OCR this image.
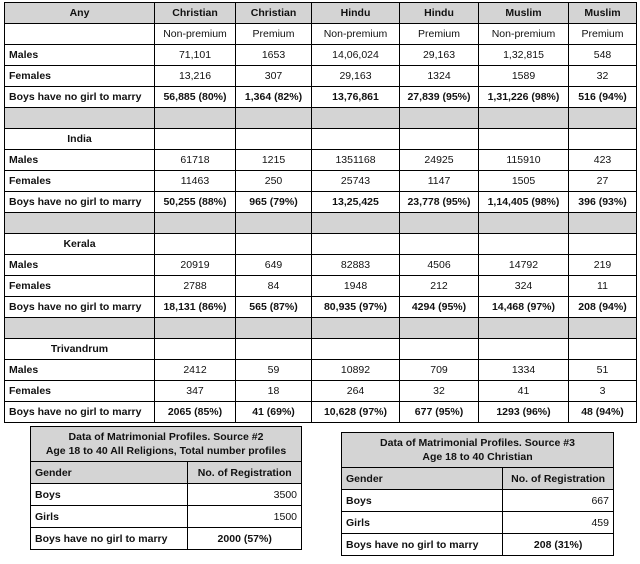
Any	Christian	Christian	Hindu	Hindu	Muslim	Muslim
	Non-premium	Premium	Non-premium	Premium	Non-premium	Premium
Males	71,101	1653	14,06,024	29,163	1,32,815	548
Females	13,216	307	29,163	1324	1589	32
Boys have no girl to marry	56,885 (80%)	1,364 (82%)	13,76,861	27,839 (95%)	1,31,226 (98%)	516 (94%)

India						
Males	61718	1215	1351168	24925	115910	423
Females	11463	250	25743	1147	1505	27
Boys have no girl to marry	50,255 (88%)	965 (79%)	13,25,425	23,778 (95%)	1,14,405 (98%)	396 (93%)

Kerala						
Males	20919	649	82883	4506	14792	219
Females	2788	84	1948	212	324	11
Boys have no girl to marry	18,131 (86%)	565 (87%)	80,935 (97%)	4294 (95%)	14,468 (97%)	208 (94%)

Trivandrum						
Males	2412	59	10892	709	1334	51
Females	347	18	264	32	41	3
Boys have no girl to marry	2065 (85%)	41 (69%)	10,628 (97%)	677 (95%)	1293 (96%)	48 (94%)
Data of Matrimonial Profiles. Source #2
Age 18 to 40 All Religions, Total number profiles	

Gender	No. of Registration
Boys	3500
Girls	1500
Boys have no girl to marry	2000 (57%)
Data of Matrimonial Profiles. Source #3
Age 18 to 40 Christian	

Gender	No. of Registration
Boys	667
Girls	459
Boys have no girl to marry	208 (31%)
